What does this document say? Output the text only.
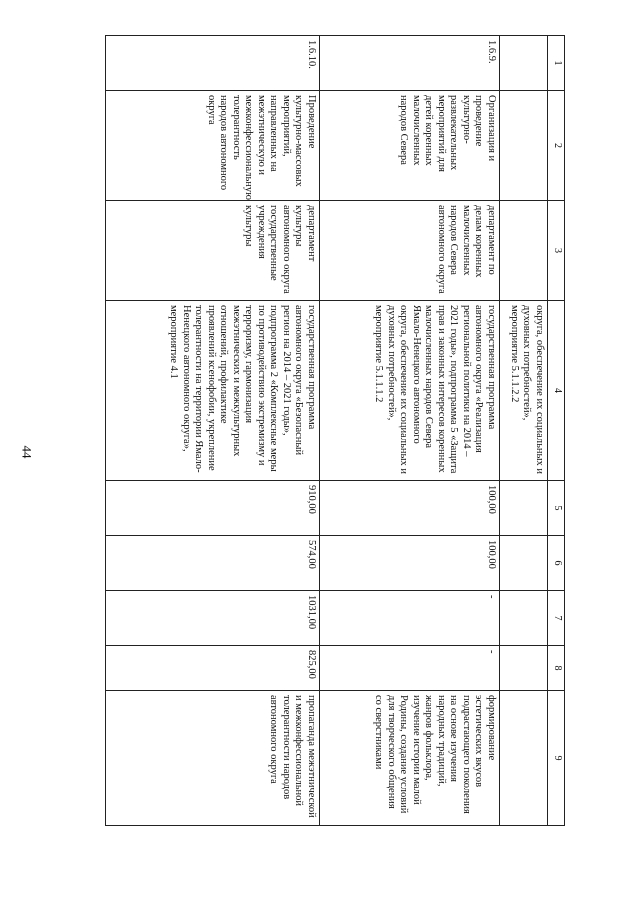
44
1	2	3	4	5	6	7	8	9
			округа, обеспечение их социальных и духовных потребностей», мероприятие 5.1.1.2.2					
1.6.9.	Организация и проведение культурно-развлекательных мероприятий для детей коренных малочисленных народов Севера	департамент по делам коренных малочисленных народов Севера автономного округа	государственная программа автономного округа «Реализация региональной политики на 2014 – 2021 годы», подпрограмма 5 «Защита прав и законных интересов коренных малочисленных народов Севера Ямало-Ненецкого автономного округа, обеспечение их социальных и духовных потребностей», мероприятие 5.1.1.1.2	100,00	100,00	-	-	формирование эстетических вкусов подрастающего поколения на основе изучения народных традиций, жанров фольклора, изучение истории малой Родины, создание условий для творческого общения со сверстниками
1.6.10.	Проведение культурно-массовых мероприятий, направленных на межэтническую и межконфессиональную толерантность народов автономного округа	департамент культуры автономного округа государственные учреждения культуры	государственная программа автономного округа «Безопасный регион на 2014 – 2021 годы», подпрограмма 2 «Комплексные меры по противодействию экстремизму и терроризму, гармонизация межэтнических и межкультурных отношений, профилактике проявлений ксенофобии, укрепление толерантности на территории Ямало-Ненецкого автономного округа», мероприятие 4.1	910,00	574,00	1031,00	825,00	пропаганда межэтнической и межконфессиональной толерантности народов автономного округа
